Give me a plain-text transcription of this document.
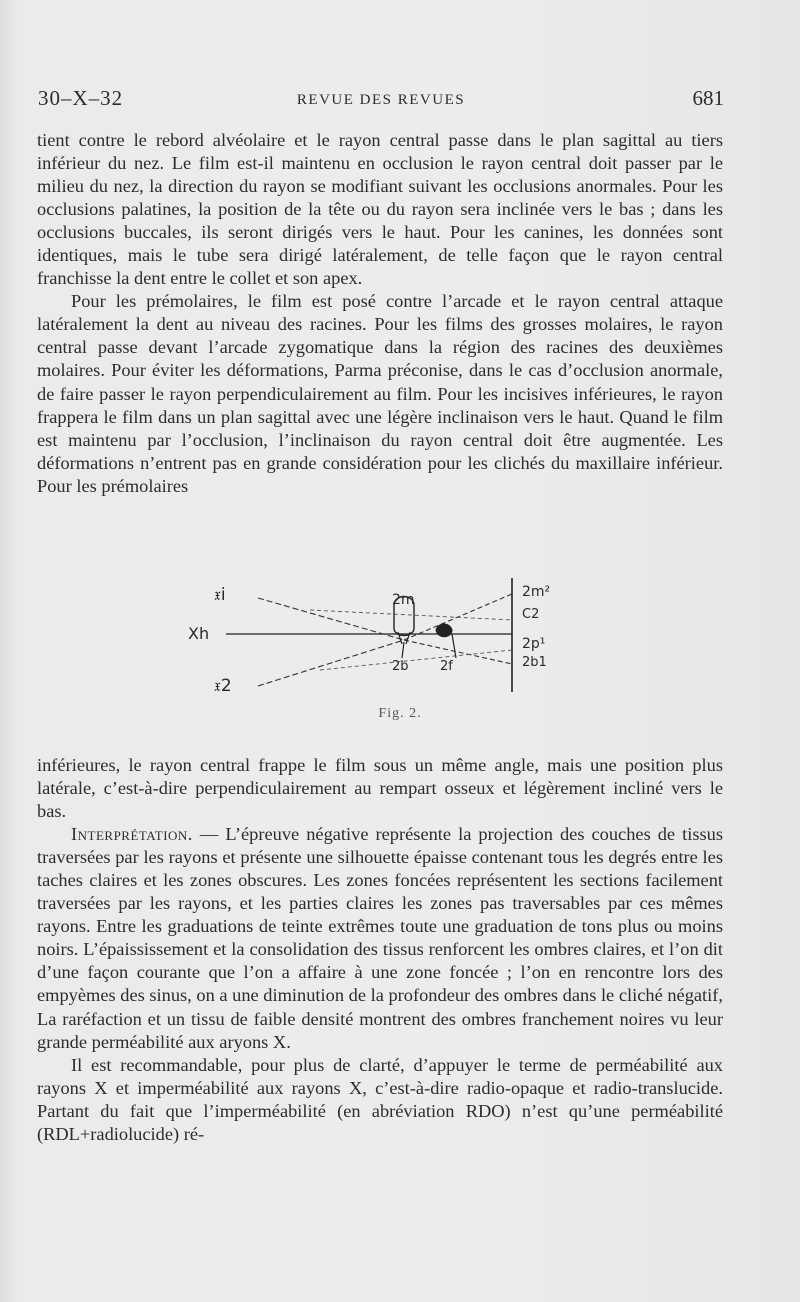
30–X–32	REVUE DES REVUES	681

tient contre le rebord alvéolaire et le rayon central passe dans le plan sagittal au tiers inférieur du nez. Le film est-il maintenu en occlusion le rayon central doit passer par le milieu du nez, la direction du rayon se modifiant suivant les occlusions anormales. Pour les occlusions palatines, la position de la tête ou du rayon sera inclinée vers le bas ; dans les occlusions buccales, ils seront dirigés vers le haut. Pour les canines, les données sont identiques, mais le tube sera dirigé latéralement, de telle façon que le rayon central franchisse la dent entre le collet et son apex.

Pour les prémolaires, le film est posé contre l’arcade et le rayon central attaque latéralement la dent au niveau des racines. Pour les films des grosses molaires, le rayon central passe devant l’arcade zygomatique dans la région des racines des deuxièmes molaires. Pour éviter les déformations, Parma préconise, dans le cas d’occlusion anormale, de faire passer le rayon perpendiculairement au film. Pour les incisives inférieures, le rayon frappera le film dans un plan sagittal avec une légère inclinaison vers le haut. Quand le film est maintenu par l’occlusion, l’inclinaison du rayon central doit être augmentée. Les déformations n’entrent pas en grande considération pour les clichés du maxillaire inférieur. Pour les prémolaires

𝔵i
Xh
𝔵2
2m
2b 2f
2m²
C2
2p¹
2b1
Fig. 2.

inférieures, le rayon central frappe le film sous un même angle, mais une position plus latérale, c’est-à-dire perpendiculairement au rempart osseux et légèrement incliné vers le bas.

Interprétation. — L’épreuve négative représente la projection des couches de tissus traversées par les rayons et présente une silhouette épaisse contenant tous les degrés entre les taches claires et les zones obscures. Les zones foncées représentent les sections facilement traversées par les rayons, et les parties claires les zones pas traversables par ces mêmes rayons. Entre les graduations de teinte extrêmes toute une graduation de tons plus ou moins noirs. L’épaississement et la consolidation des tissus renforcent les ombres claires, et l’on dit d’une façon courante que l’on a affaire à une zone foncée ; l’on en rencontre lors des empyèmes des sinus, on a une diminution de la profondeur des ombres dans le cliché négatif, La raréfaction et un tissu de faible densité montrent des ombres franchement noires vu leur grande perméabilité aux aryons X.

Il est recommandable, pour plus de clarté, d’appuyer le terme de perméabilité aux rayons X et imperméabilité aux rayons X, c’est-à-dire radio-opaque et radio-translucide. Partant du fait que l’imperméabilité (en abréviation RDO) n’est qu’une perméabilité (RDL+radiolucide) ré-
